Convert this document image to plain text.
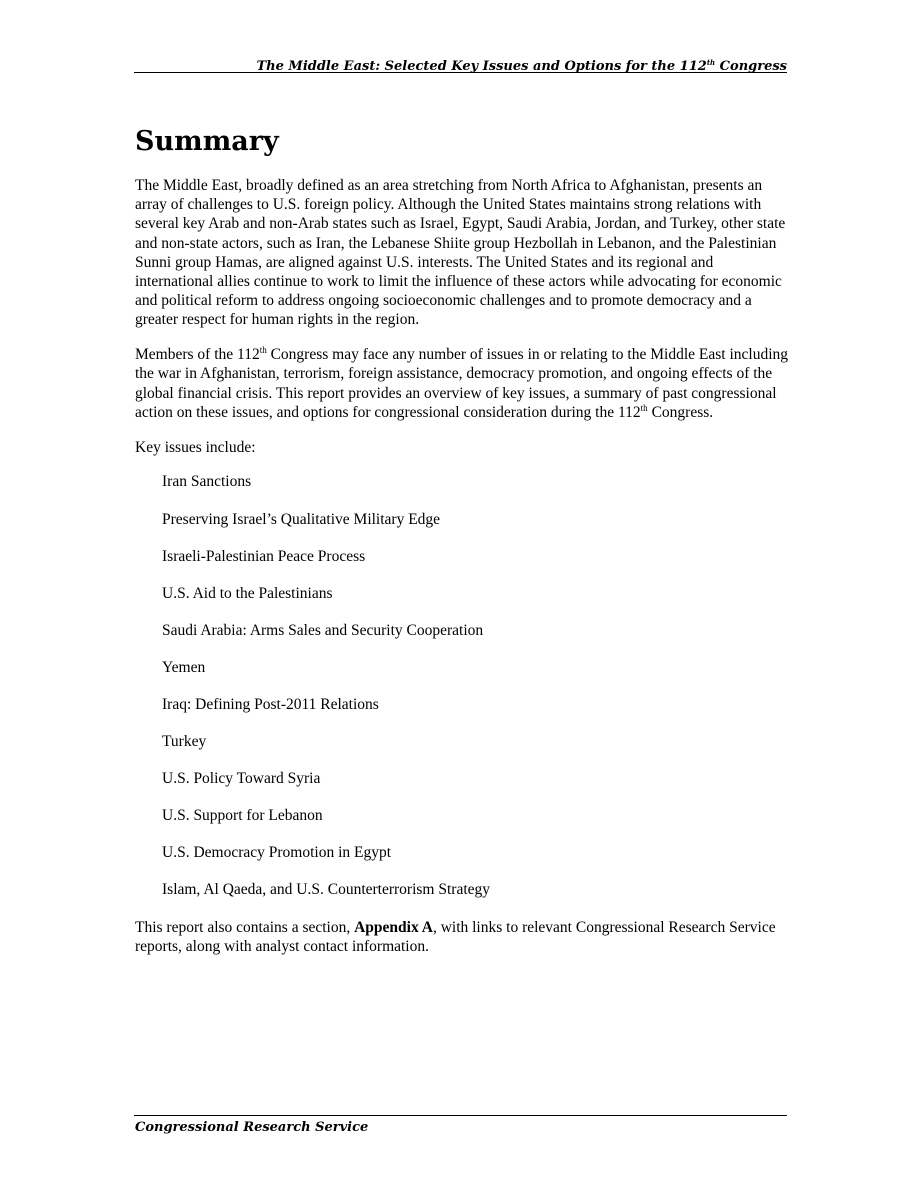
The Middle East: Selected Key Issues and Options for the 112th Congress
Summary

The Middle East, broadly defined as an area stretching from North Africa to Afghanistan, presents an array of challenges to U.S. foreign policy. Although the United States maintains strong relations with several key Arab and non-Arab states such as Israel, Egypt, Saudi Arabia, Jordan, and Turkey, other state and non-state actors, such as Iran, the Lebanese Shiite group Hezbollah in Lebanon, and the Palestinian Sunni group Hamas, are aligned against U.S. interests. The United States and its regional and international allies continue to work to limit the influence of these actors while advocating for economic and political reform to address ongoing socioeconomic challenges and to promote democracy and a greater respect for human rights in the region.

Members of the 112th Congress may face any number of issues in or relating to the Middle East including the war in Afghanistan, terrorism, foreign assistance, democracy promotion, and ongoing effects of the global financial crisis. This report provides an overview of key issues, a summary of past congressional action on these issues, and options for congressional consideration during the 112th Congress.

Key issues include:

Iran Sanctions
Preserving Israel’s Qualitative Military Edge
Israeli-Palestinian Peace Process
U.S. Aid to the Palestinians
Saudi Arabia: Arms Sales and Security Cooperation
Yemen
Iraq: Defining Post-2011 Relations
Turkey
U.S. Policy Toward Syria
U.S. Support for Lebanon
U.S. Democracy Promotion in Egypt
Islam, Al Qaeda, and U.S. Counterterrorism Strategy

This report also contains a section, Appendix A, with links to relevant Congressional Research Service reports, along with analyst contact information.

Congressional Research Service
